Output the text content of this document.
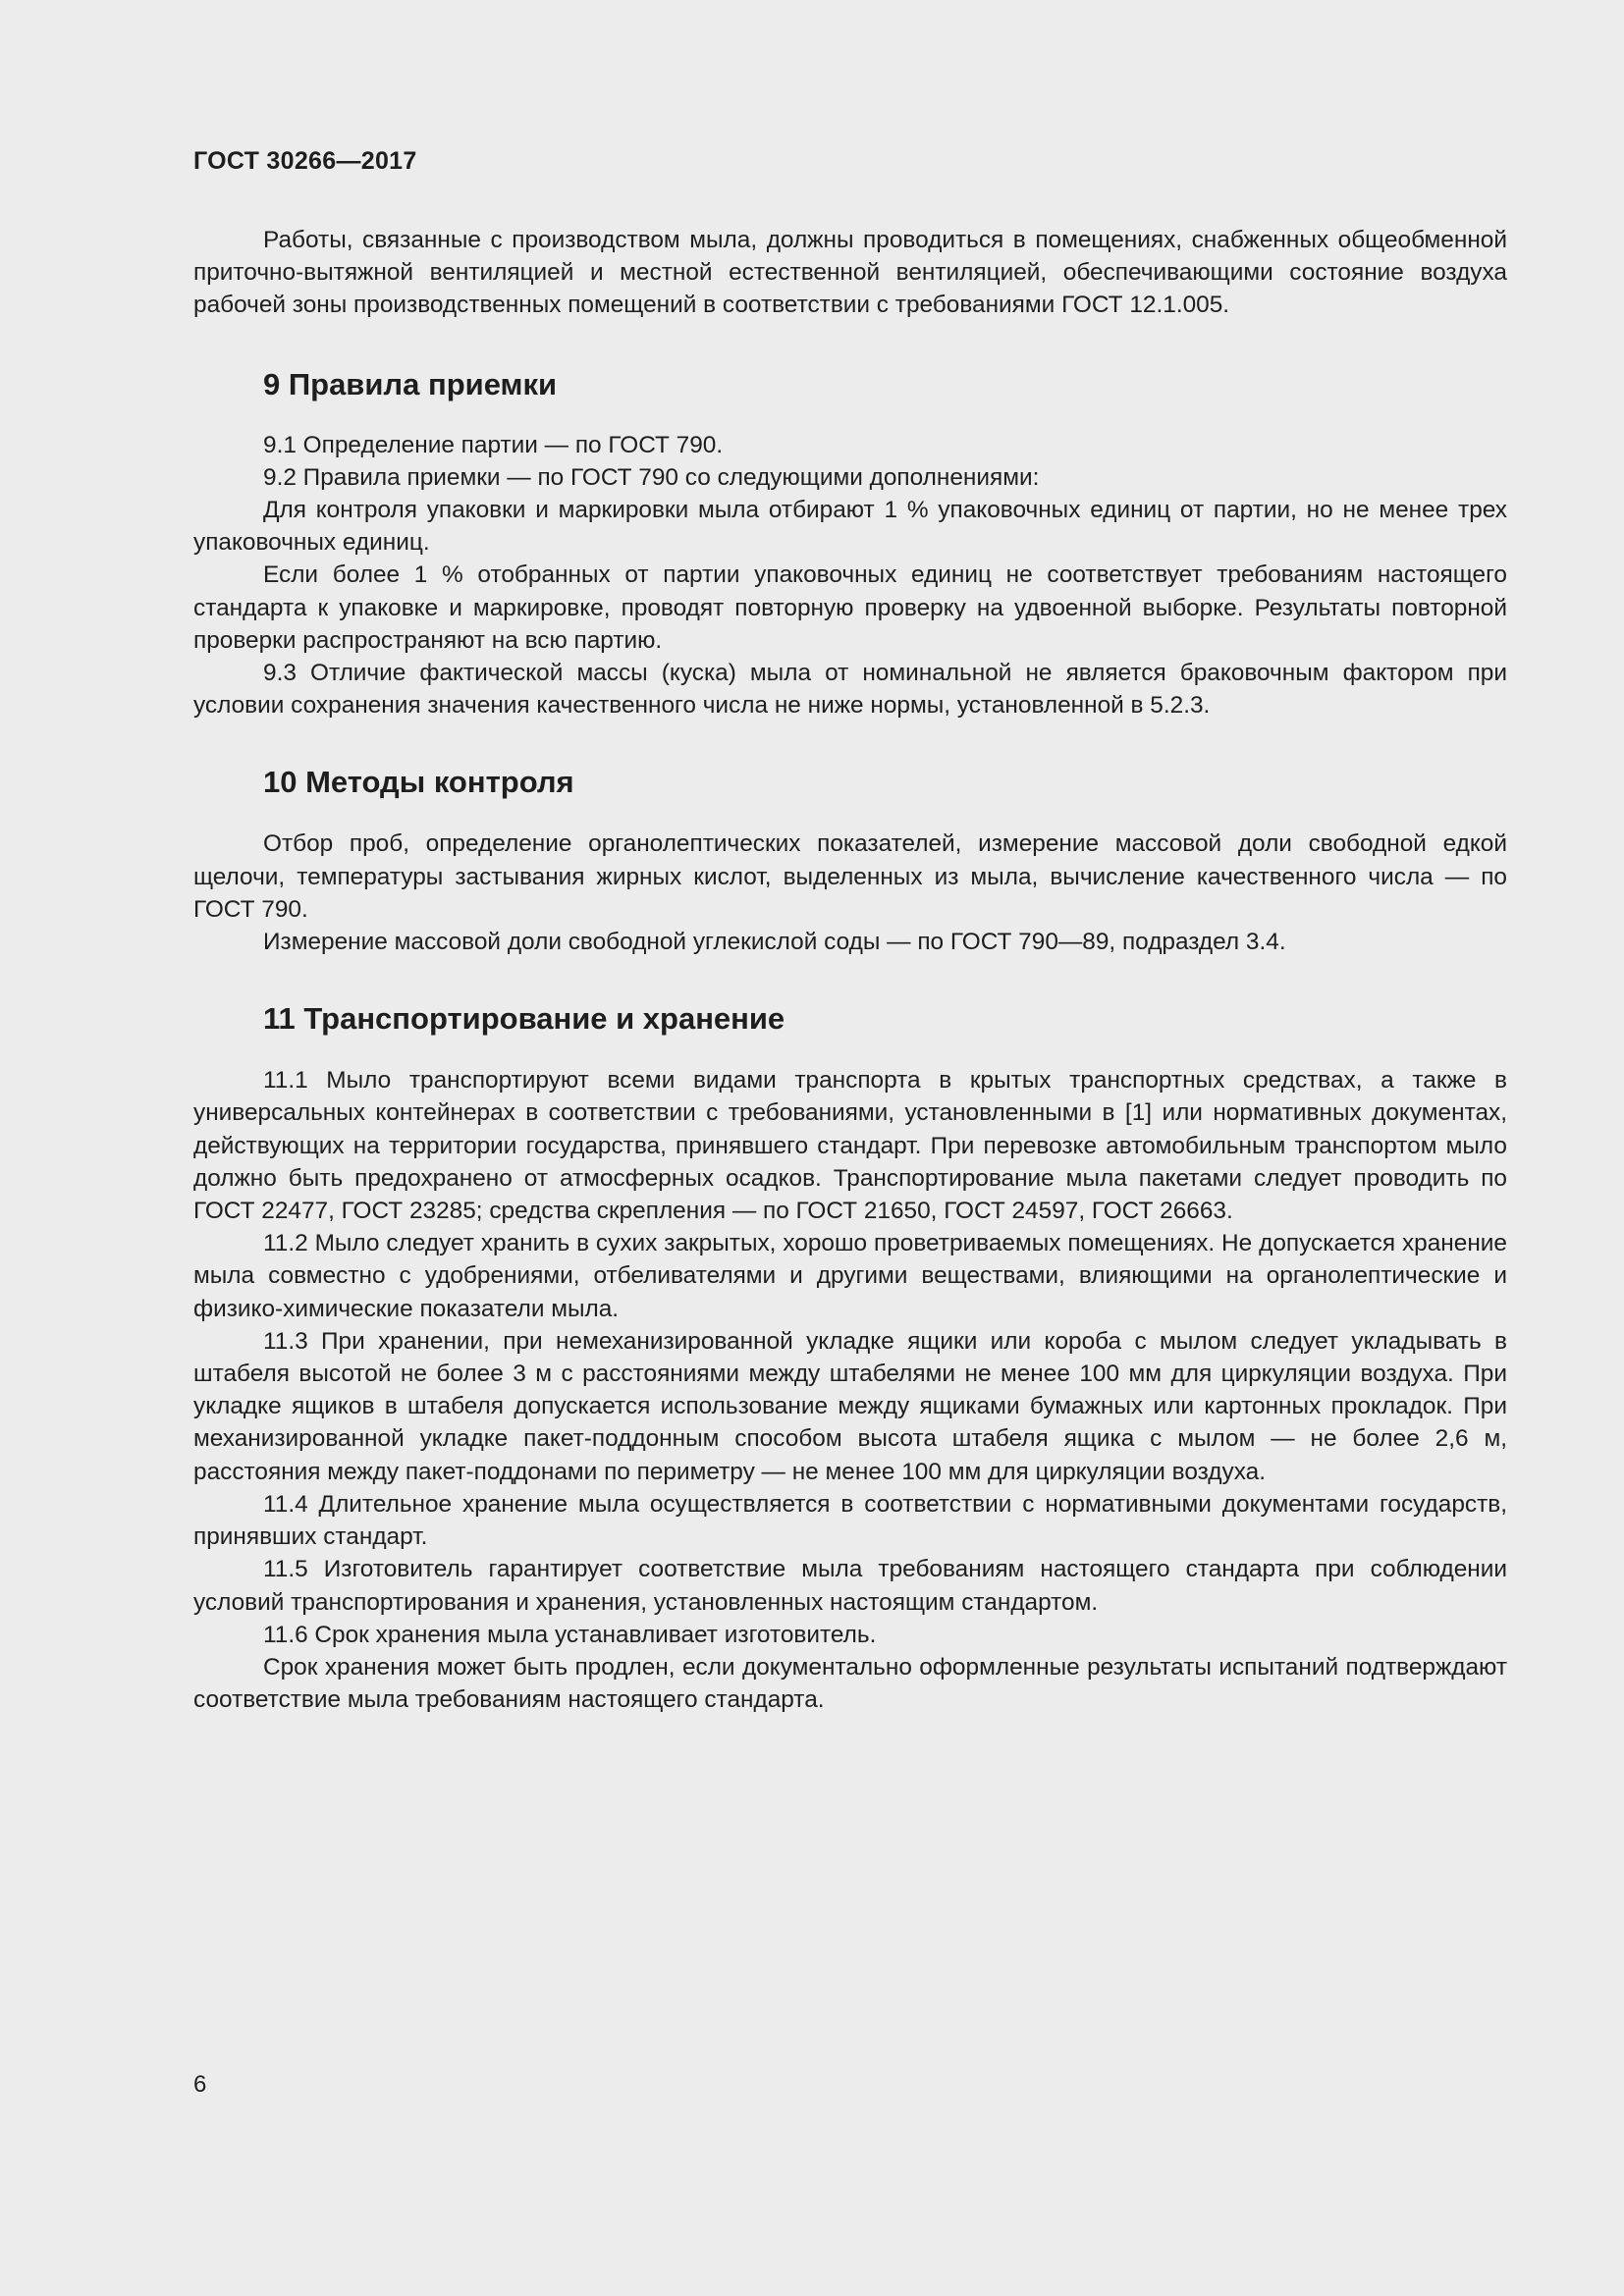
ГОСТ 30266—2017

Работы, связанные с производством мыла, должны проводиться в помещениях, снабженных общеобменной приточно-вытяжной вентиляцией и местной естественной вентиляцией, обеспечивающими состояние воздуха рабочей зоны производственных помещений в соответствии с требованиями ГОСТ 12.1.005.

9 Правила приемки

9.1 Определение партии — по ГОСТ 790.

9.2 Правила приемки — по ГОСТ 790 со следующими дополнениями:

Для контроля упаковки и маркировки мыла отбирают 1 % упаковочных единиц от партии, но не менее трех упаковочных единиц.

Если более 1 % отобранных от партии упаковочных единиц не соответствует требованиям настоящего стандарта к упаковке и маркировке, проводят повторную проверку на удвоенной выборке. Результаты повторной проверки распространяют на всю партию.

9.3 Отличие фактической массы (куска) мыла от номинальной не является браковочным фактором при условии сохранения значения качественного числа не ниже нормы, установленной в 5.2.3.

10 Методы контроля

Отбор проб, определение органолептических показателей, измерение массовой доли свободной едкой щелочи, температуры застывания жирных кислот, выделенных из мыла, вычисление качественного числа — по ГОСТ 790.

Измерение массовой доли свободной углекислой соды — по ГОСТ 790—89, подраздел 3.4.

11 Транспортирование и хранение

11.1 Мыло транспортируют всеми видами транспорта в крытых транспортных средствах, а также в универсальных контейнерах в соответствии с требованиями, установленными в [1] или нормативных документах, действующих на территории государства, принявшего стандарт. При перевозке автомобильным транспортом мыло должно быть предохранено от атмосферных осадков. Транспортирование мыла пакетами следует проводить по ГОСТ 22477, ГОСТ 23285; средства скрепления — по ГОСТ 21650, ГОСТ 24597, ГОСТ 26663.

11.2 Мыло следует хранить в сухих закрытых, хорошо проветриваемых помещениях. Не допускается хранение мыла совместно с удобрениями, отбеливателями и другими веществами, влияющими на органолептические и физико-химические показатели мыла.

11.3 При хранении, при немеханизированной укладке ящики или короба с мылом следует укладывать в штабеля высотой не более 3 м с расстояниями между штабелями не менее 100 мм для циркуляции воздуха. При укладке ящиков в штабеля допускается использование между ящиками бумажных или картонных прокладок. При механизированной укладке пакет-поддонным способом высота штабеля ящика с мылом — не более 2,6 м, расстояния между пакет-поддонами по периметру — не менее 100 мм для циркуляции воздуха.

11.4 Длительное хранение мыла осуществляется в соответствии с нормативными документами государств, принявших стандарт.

11.5 Изготовитель гарантирует соответствие мыла требованиям настоящего стандарта при соблюдении условий транспортирования и хранения, установленных настоящим стандартом.

11.6 Срок хранения мыла устанавливает изготовитель.

Срок хранения может быть продлен, если документально оформленные результаты испытаний подтверждают соответствие мыла требованиям настоящего стандарта.

6
